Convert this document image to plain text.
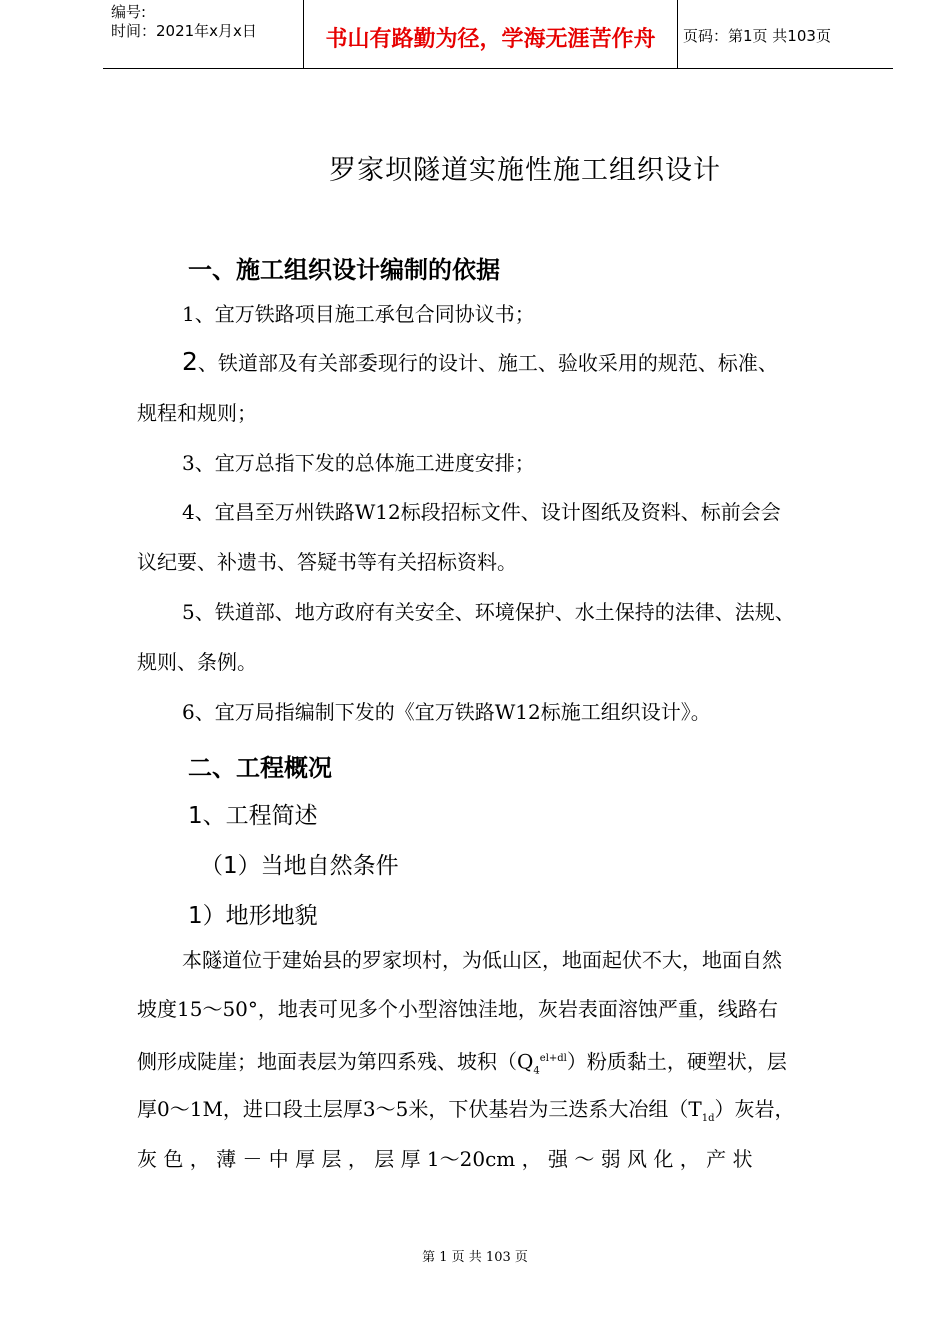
编号:
时间：2021年x月x日	书山有路勤为径，学海无涯苦作舟	页码：第1页 共103页
罗家坝隧道实施性施工组织设计
一、施工组织设计编制的依据
1、宜万铁路项目施工承包合同协议书；
2、铁道部及有关部委现行的设计、施工、验收采用的规范、标准、
规程和规则；
3、宜万总指下发的总体施工进度安排；
4、宜昌至万州铁路W12标段招标文件、设计图纸及资料、标前会会
议纪要、补遗书、答疑书等有关招标资料。
5、铁道部、地方政府有关安全、环境保护、水土保持的法律、法规、
规则、条例。
6、宜万局指编制下发的《宜万铁路W12标施工组织设计》。
二、工程概况
1、工程简述
（1）当地自然条件
1）地形地貌
本隧道位于建始县的罗家坝村，为低山区，地面起伏不大，地面自然
坡度15～50°，地表可见多个小型溶蚀洼地，灰岩表面溶蚀严重，线路右
侧形成陡崖；地面表层为第四系残、坡积$(Q_4^{el+dl})$粉质黏土，硬塑状，层
厚0～1M，进口段土层厚3～5米，下伏基岩为三迭系大冶组$(T_{1d})$灰岩，
灰 色 ， 薄 － 中 厚 层 ， 层 厚 1～20cm ， 强 ～ 弱 风 化 ， 产 状
第 1 页 共 103 页
